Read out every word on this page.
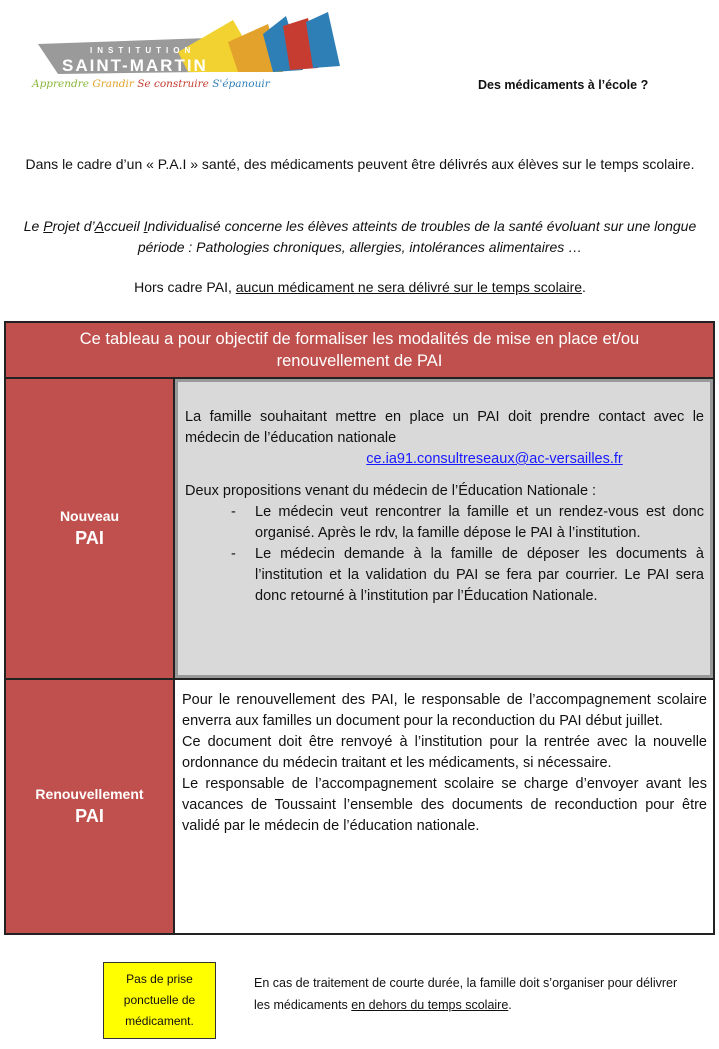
INSTITUTION
SAINT-MARTIN
Apprendre Grandir Se construire S'épanouir	Des médicaments à l’école ?
Dans le cadre d’un « P.A.I » santé, des médicaments peuvent être délivrés aux élèves sur le temps scolaire.
Le Projet d’Accueil Individualisé concerne les élèves atteints de troubles de la santé évoluant sur une longue période : Pathologies chroniques, allergies, intolérances alimentaires …
Hors cadre PAI, aucun médicament ne sera délivré sur le temps scolaire.
Ce tableau a pour objectif de formaliser les modalités de mise en place et/ou renouvellement de PAI
Nouveau
PAI

La famille souhaitant mettre en place un PAI doit prendre contact avec le médecin de l’éducation nationale

ce.ia91.consultreseaux@ac-versailles.fr

Deux propositions venant du médecin de l’Éducation Nationale :

- Le médecin veut rencontrer la famille et un rendez-vous est donc organisé. Après le rdv, la famille dépose le PAI à l’institution.
- Le médecin demande à la famille de déposer les documents à l’institution et la validation du PAI se fera par courrier. Le PAI sera donc retourné à l’institution par l’Éducation Nationale.
Renouvellement
PAI

Pour le renouvellement des PAI, le responsable de l’accompagnement scolaire enverra aux familles un document pour la reconduction du PAI début juillet.

Ce document doit être renvoyé à l’institution pour la rentrée avec la nouvelle ordonnance du médecin traitant et les médicaments, si nécessaire.

Le responsable de l’accompagnement scolaire se charge d’envoyer avant les vacances de Toussaint l’ensemble des documents de reconduction pour être validé par le médecin de l’éducation nationale.

Pas de prise ponctuelle de médicament.
En cas de traitement de courte durée, la famille doit s’organiser pour délivrer les médicaments en dehors du temps scolaire.
